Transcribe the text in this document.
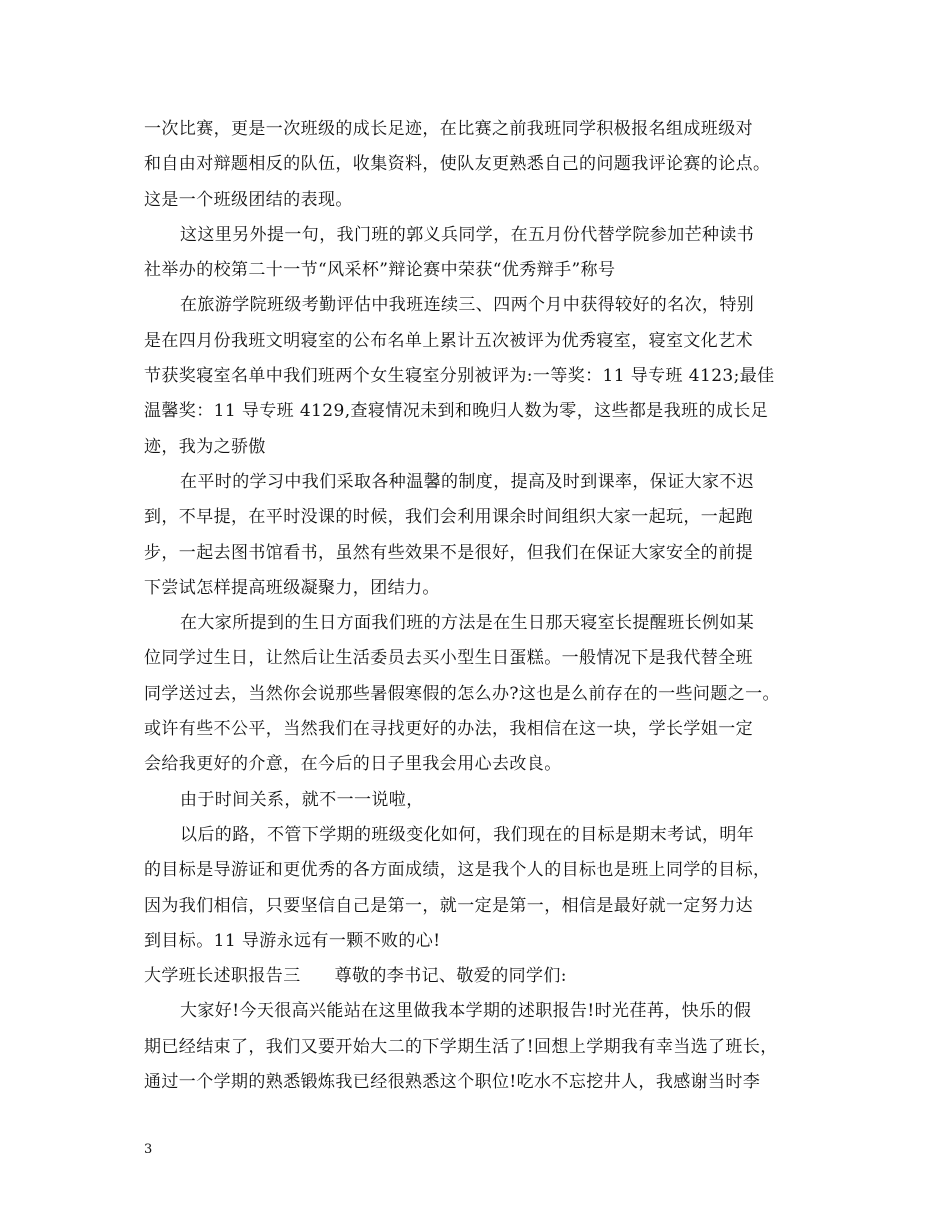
一次比赛，更是一次班级的成长足迹，在比赛之前我班同学积极报名组成班级对
和自由对辩题相反的队伍，收集资料，使队友更熟悉自己的问题我评论赛的论点。
这是一个班级团结的表现。
这这里另外提一句，我门班的郭义兵同学，在五月份代替学院参加芒种读书
社举办的校第二十一节“风采杯”辩论赛中荣获“优秀辩手”称号
在旅游学院班级考勤评估中我班连续三、四两个月中获得较好的名次，特别
是在四月份我班文明寝室的公布名单上累计五次被评为优秀寝室，寝室文化艺术
节获奖寝室名单中我们班两个女生寝室分别被评为:一等奖：11 导专班 4123;最佳
温馨奖：11 导专班 4129,查寝情况未到和晚归人数为零，这些都是我班的成长足
迹，我为之骄傲
在平时的学习中我们采取各种温馨的制度，提高及时到课率，保证大家不迟
到，不早提，在平时没课的时候，我们会利用课余时间组织大家一起玩，一起跑
步，一起去图书馆看书，虽然有些效果不是很好，但我们在保证大家安全的前提
下尝试怎样提高班级凝聚力，团结力。
在大家所提到的生日方面我们班的方法是在生日那天寝室长提醒班长例如某
位同学过生日，让然后让生活委员去买小型生日蛋糕。一般情况下是我代替全班
同学送过去，当然你会说那些暑假寒假的怎么办?这也是么前存在的一些问题之一。
或许有些不公平，当然我们在寻找更好的办法，我相信在这一块，学长学姐一定
会给我更好的介意，在今后的日子里我会用心去改良。
由于时间关系，就不一一说啦，
以后的路，不管下学期的班级变化如何，我们现在的目标是期末考试，明年
的目标是导游证和更优秀的各方面成绩，这是我个人的目标也是班上同学的目标，
因为我们相信，只要坚信自己是第一，就一定是第一，相信是最好就一定努力达
到目标。11 导游永远有一颗不败的心!
大学班长述职报告三 尊敬的李书记、敬爱的同学们:
大家好!今天很高兴能站在这里做我本学期的述职报告!时光荏苒，快乐的假
期已经结束了，我们又要开始大二的下学期生活了!回想上学期我有幸当选了班长，
通过一个学期的熟悉锻炼我已经很熟悉这个职位!吃水不忘挖井人，我感谢当时李
3
